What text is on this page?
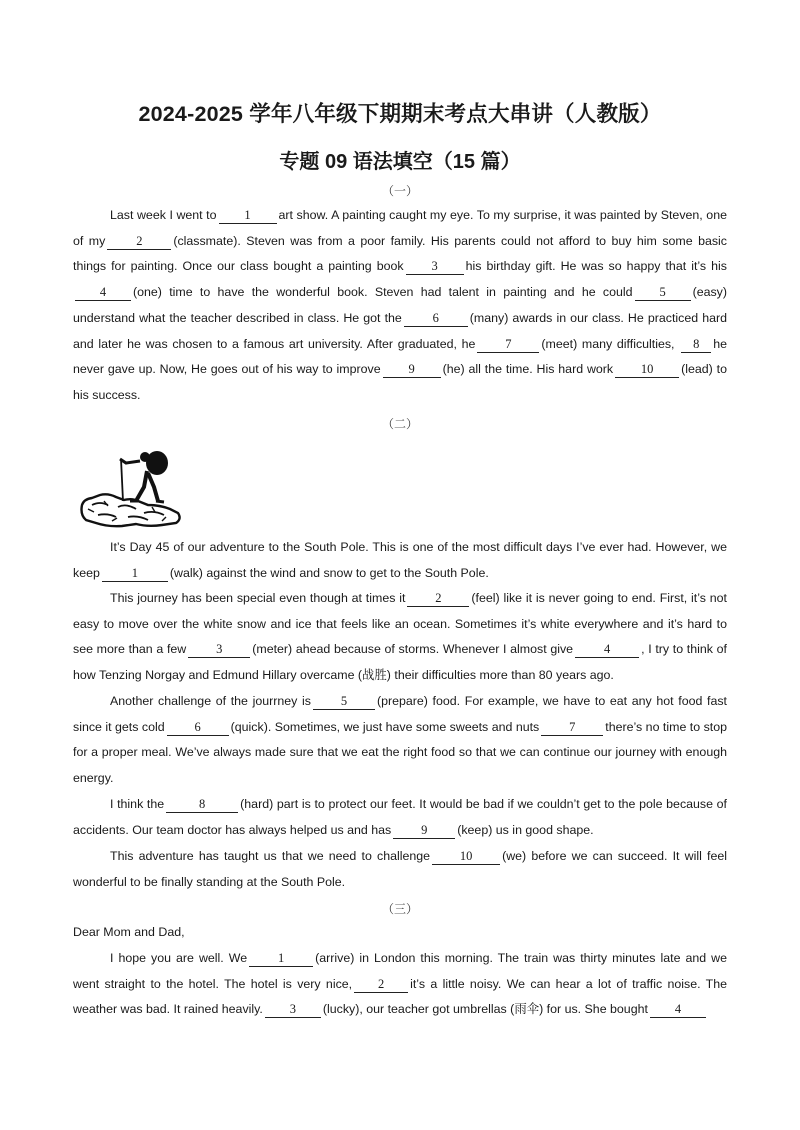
2024-2025 学年八年级下期期末考点大串讲（人教版）
专题 09 语法填空（15 篇）
（一）

Last week I went to 1 art show. A painting caught my eye. To my surprise, it was painted by Steven, one of my 2 (classmate). Steven was from a poor family. His parents could not afford to buy him some basic things for painting. Once our class bought a painting book 3 his birthday gift. He was so happy that it’s his4 (one) time to have the wonderful book. Steven had talent in painting and he could 5 (easy) understand what the teacher described in class. He got the 6 (many) awards in our class. He practiced hard and later he was chosen to a famous art university. After graduated, he 7 (meet) many difficulties, 8 he never gave up. Now, He goes out of his way to improve 9 (he) all the time. His hard work 10 (lead) to his success.

（二）

It’s Day 45 of our adventure to the South Pole. This is one of the most difficult days I’ve ever had. However, we keep	1	(walk) against the wind and snow to get to the South Pole.

This journey has been special even though at times it 2 (feel) like it is never going to end. First, it’s not easy to move over the white snow and ice that feels like an ocean. Sometimes it’s white everywhere and it’s hard to see more than a few 3 (meter) ahead because of storms. Whenever I almost give 4 , I try to think of how Tenzing Norgay and Edmund Hillary overcame (战胜) their difficulties more than 80 years ago.

Another challenge of the jourrney is 5 (prepare) food. For example, we have to eat any hot food fast since it gets cold 6 (quick). Sometimes, we just have some sweets and nuts 7 there’s no time to stop for a proper meal. We’ve always made sure that we eat the right food so that we can continue our journey with enough energy.

I think the	8	(hard) part is to protect our feet. It would be bad if we couldn’t get to the pole because of accidents. Our team doctor has always helped us and has 9 (keep) us in good shape.

This adventure has taught us that we need to challenge 10 (we) before we can succeed. It will feel wonderful to be finally standing at the South Pole.

（三）

Dear Mom and Dad,

I hope you are well. We 1 (arrive) in London this morning. The train was thirty minutes late and we went straight to the hotel. The hotel is very nice, 2 it’s a little noisy. We can hear a lot of traffic noise. The weather was bad. It rained heavily. 3 (lucky), our teacher got umbrellas (雨伞) for us. She bought 4
